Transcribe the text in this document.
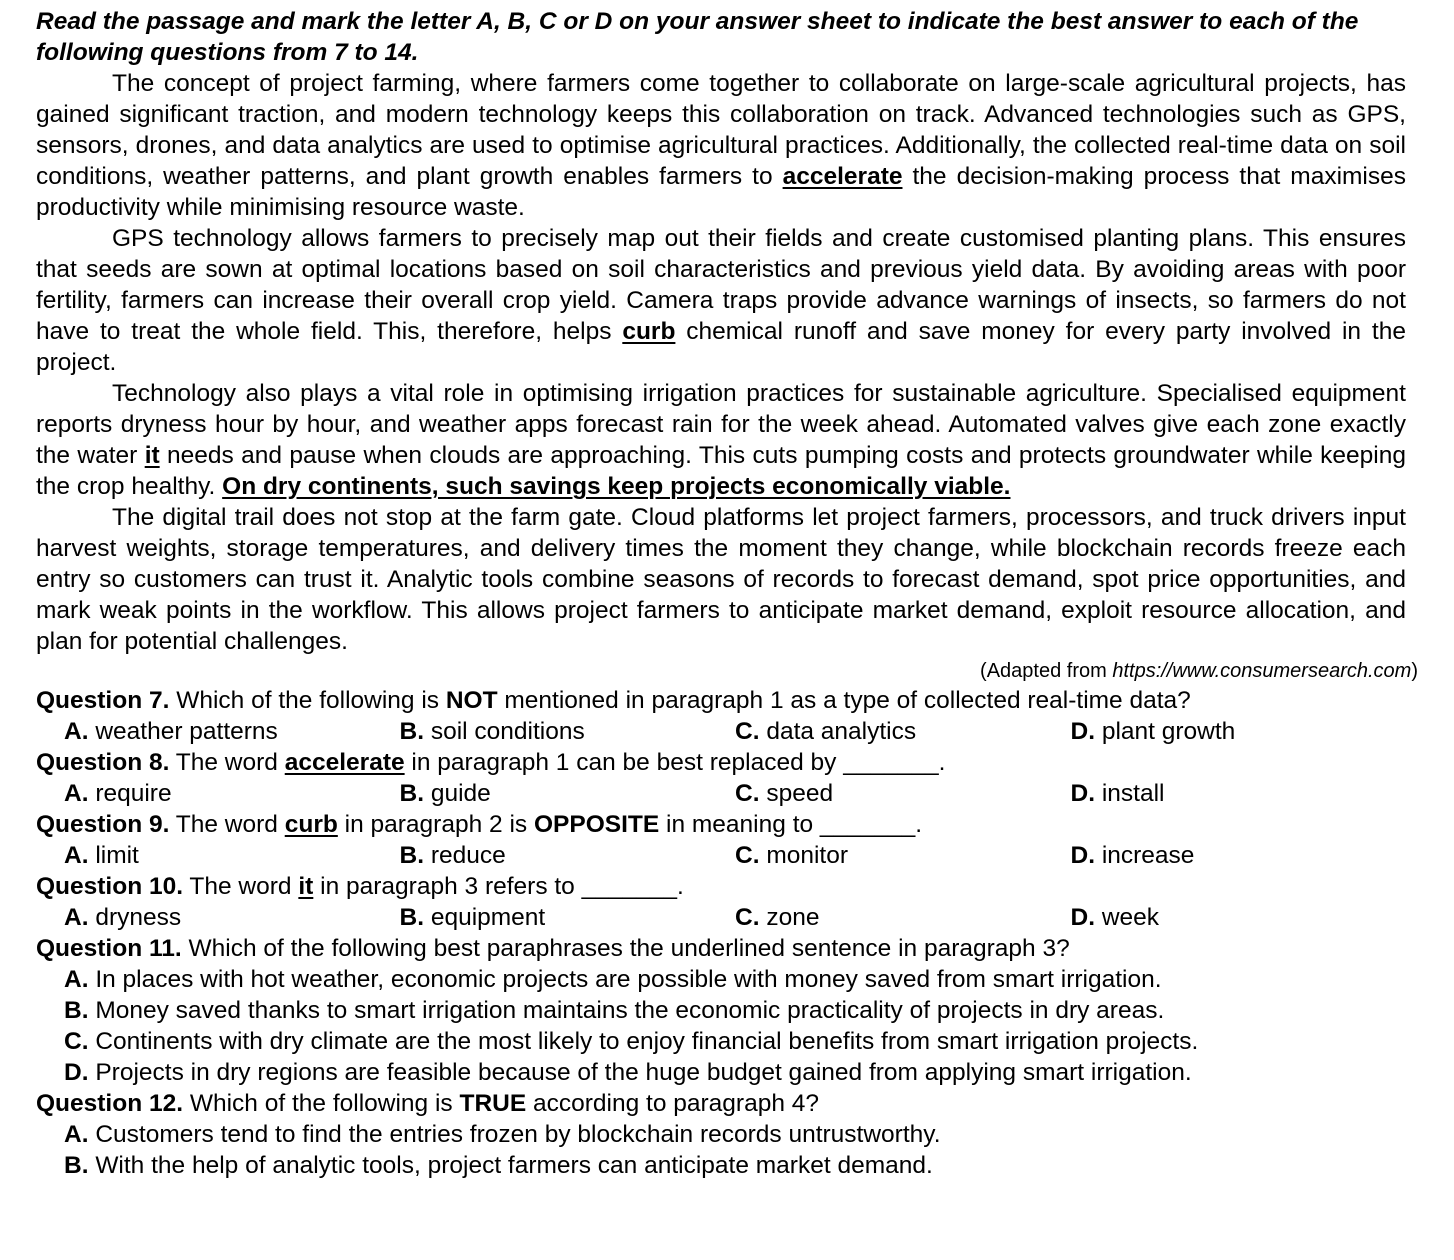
Read the passage and mark the letter A, B, C or D on your answer sheet to indicate the best answer to each of the following questions from 7 to 14.

The concept of project farming, where farmers come together to collaborate on large-scale agricultural projects, has gained significant traction, and modern technology keeps this collaboration on track. Advanced technologies such as GPS, sensors, drones, and data analytics are used to optimise agricultural practices. Additionally, the collected real-time data on soil conditions, weather patterns, and plant growth enables farmers to accelerate the decision-making process that maximises productivity while minimising resource waste.

GPS technology allows farmers to precisely map out their fields and create customised planting plans. This ensures that seeds are sown at optimal locations based on soil characteristics and previous yield data. By avoiding areas with poor fertility, farmers can increase their overall crop yield. Camera traps provide advance warnings of insects, so farmers do not have to treat the whole field. This, therefore, helps curb chemical runoff and save money for every party involved in the project.

Technology also plays a vital role in optimising irrigation practices for sustainable agriculture. Specialised equipment reports dryness hour by hour, and weather apps forecast rain for the week ahead. Automated valves give each zone exactly the water it needs and pause when clouds are approaching. This cuts pumping costs and protects groundwater while keeping the crop healthy. On dry continents, such savings keep projects economically viable.

The digital trail does not stop at the farm gate. Cloud platforms let project farmers, processors, and truck drivers input harvest weights, storage temperatures, and delivery times the moment they change, while blockchain records freeze each entry so customers can trust it. Analytic tools combine seasons of records to forecast demand, spot price opportunities, and mark weak points in the workflow. This allows project farmers to anticipate market demand, exploit resource allocation, and plan for potential challenges.

(Adapted from https://www.consumersearch.com)

Question 7. Which of the following is NOT mentioned in paragraph 1 as a type of collected real-time data?

A. weather patterns	B. soil conditions	C. data analytics	D. plant growth

Question 8. The word accelerate in paragraph 1 can be best replaced by _______.

A. require	B. guide	C. speed	D. install

Question 9. The word curb in paragraph 2 is OPPOSITE in meaning to _______.

A. limit	B. reduce	C. monitor	D. increase

Question 10. The word it in paragraph 3 refers to _______.

A. dryness	B. equipment	C. zone	D. week

Question 11. Which of the following best paraphrases the underlined sentence in paragraph 3?

A. In places with hot weather, economic projects are possible with money saved from smart irrigation.
B. Money saved thanks to smart irrigation maintains the economic practicality of projects in dry areas.
C. Continents with dry climate are the most likely to enjoy financial benefits from smart irrigation projects.
D. Projects in dry regions are feasible because of the huge budget gained from applying smart irrigation.

Question 12. Which of the following is TRUE according to paragraph 4?

A. Customers tend to find the entries frozen by blockchain records untrustworthy.
B. With the help of analytic tools, project farmers can anticipate market demand.
